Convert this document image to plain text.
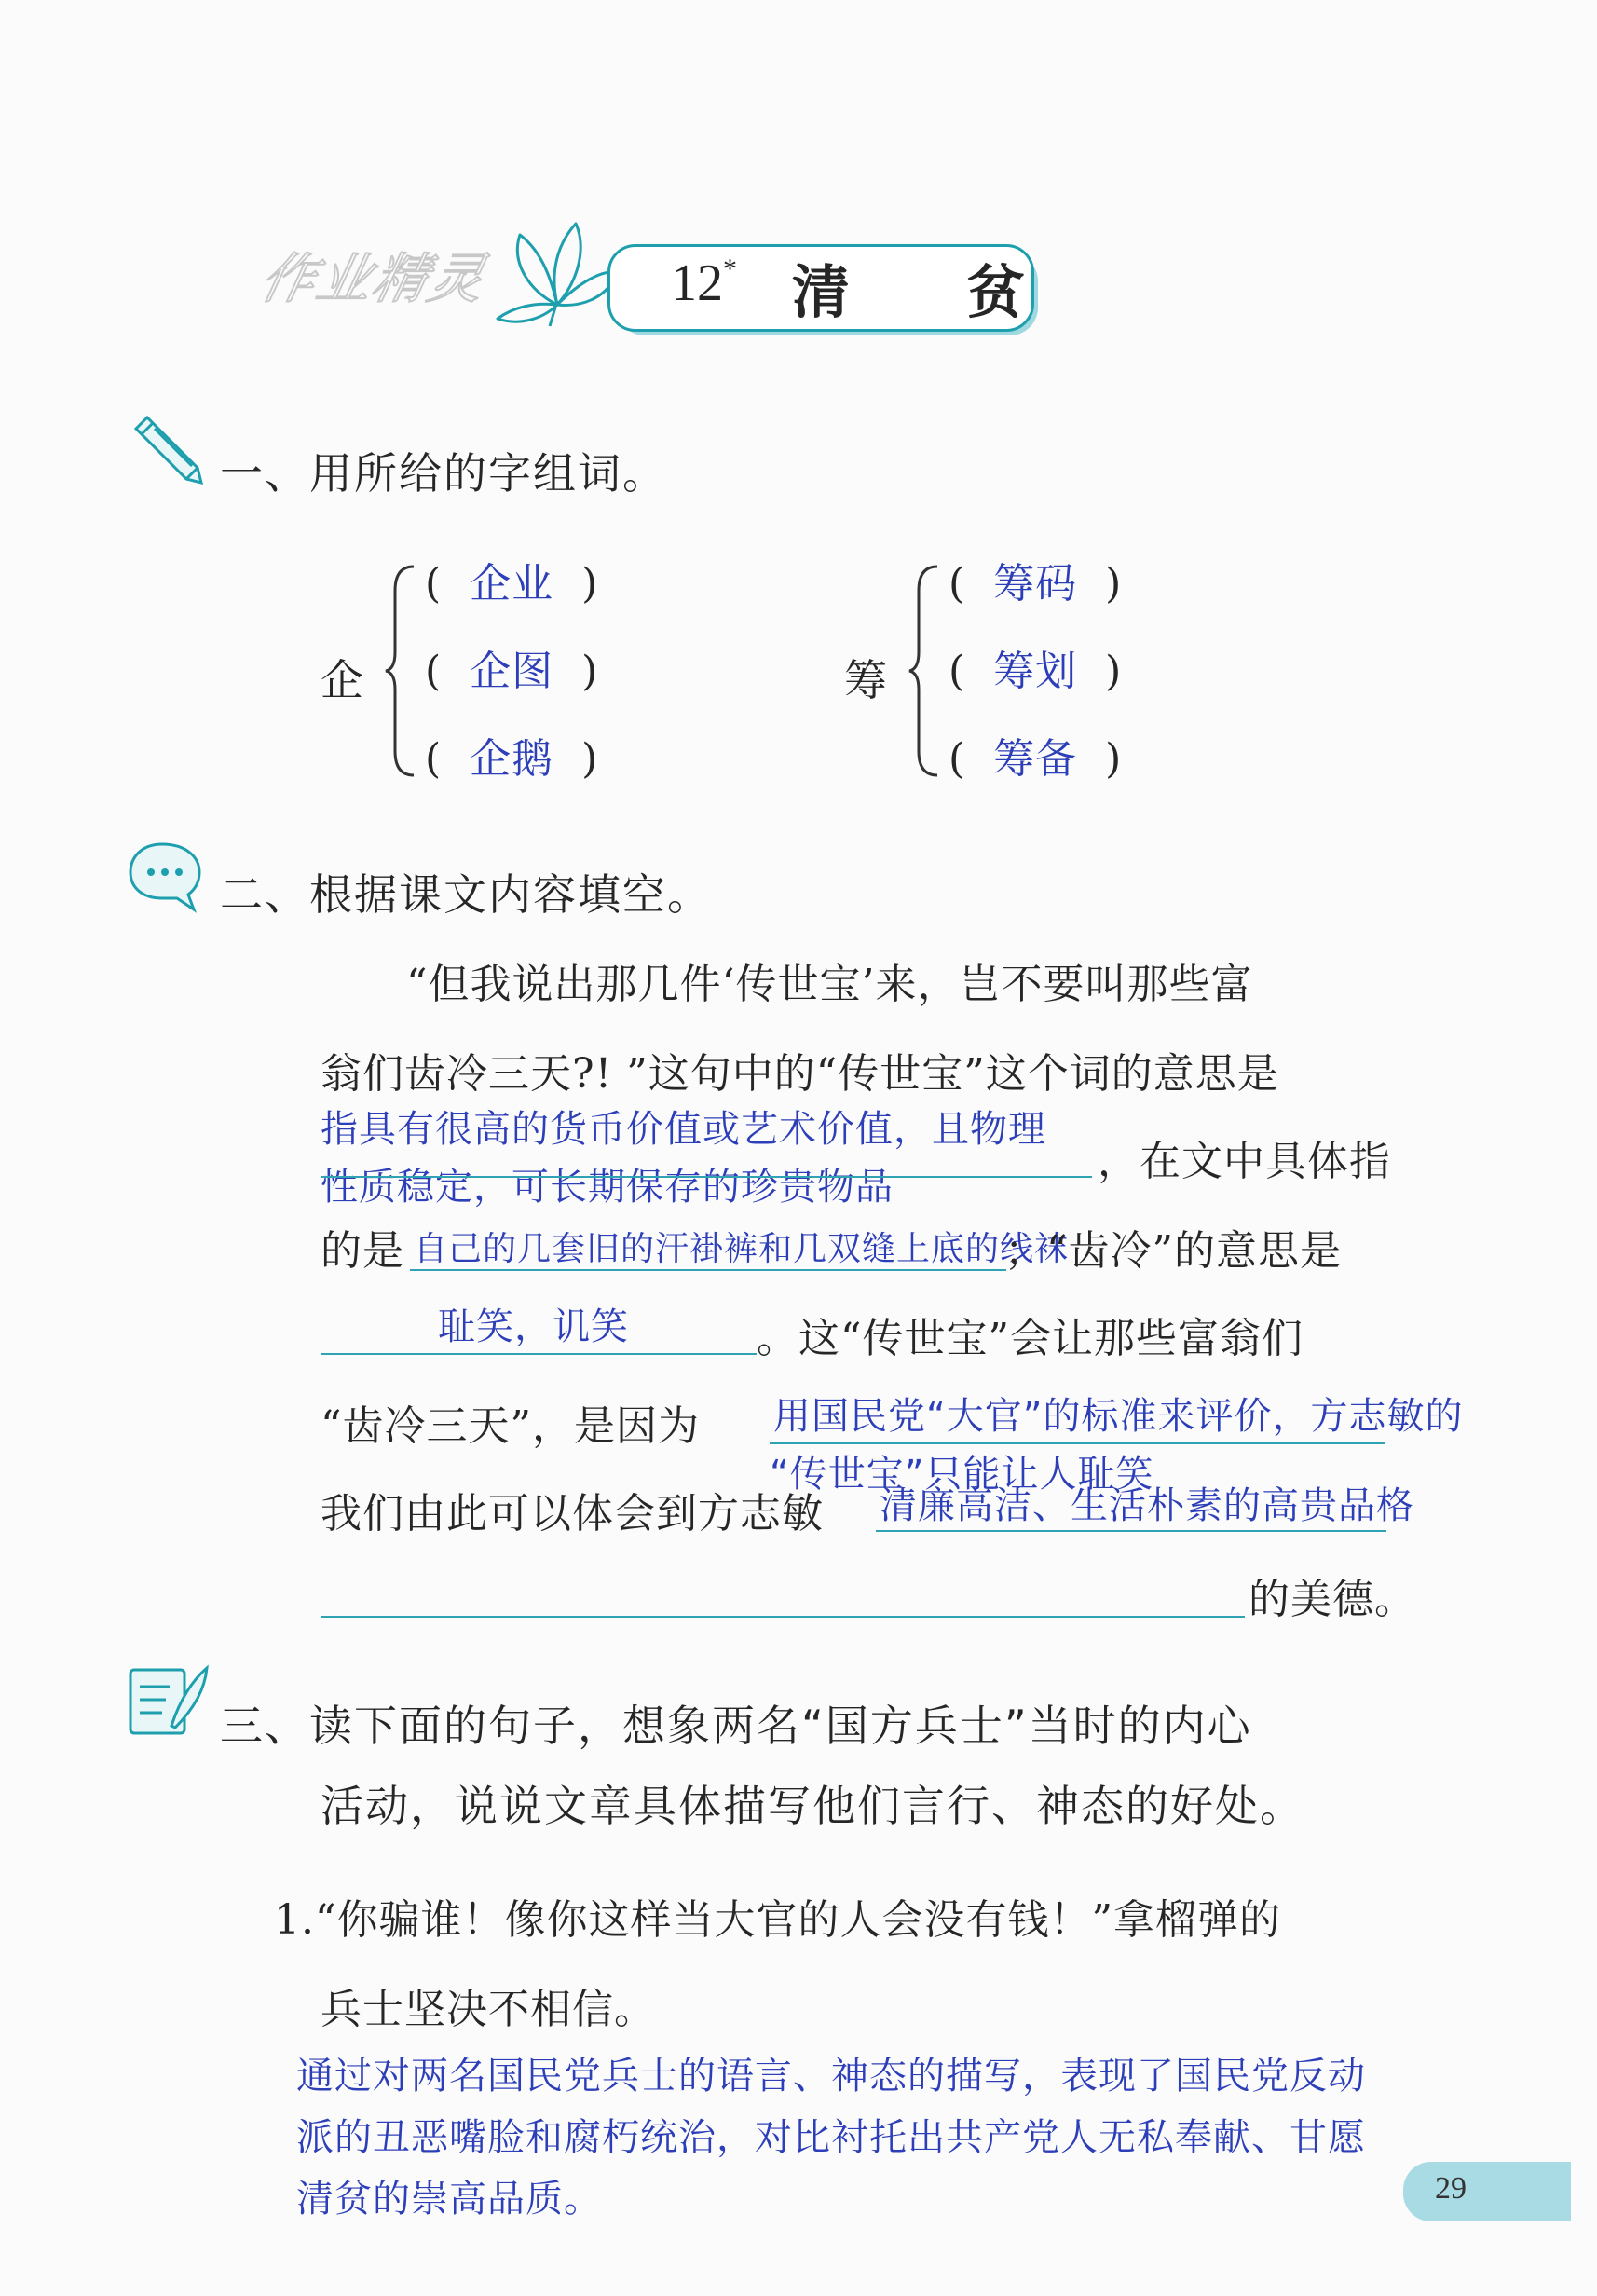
作业精灵	12* 清 贫
一、用所给的字组词。
企
( 企业 )
( 企图 )
( 企鹅 )
筹
( 筹码 )
( 筹划 )
( 筹备 )
二、根据课文内容填空。
“但我说出那几件‘传世宝’来，岂不要叫那些富
翁们齿冷三天?! ”这句中的“传世宝”这个词的意思是
指具有很高的货币价值或艺术价值，且物理
性质稳定，可长期保存的珍贵物品
，在文中具体指
的是 自己的几套旧的汗褂裤和几双缝上底的线袜
；“齿冷”的意思是
耻笑，讥笑	。这“传世宝”会让那些富翁们
“齿冷三天”，是因为 用国民党“大官”的标准来评价，方志敏的
“传世宝”只能让人耻笑
我们由此可以体会到方志敏 清廉高洁、生活朴素的高贵品格
的美德。
三、读下面的句子，想象两名“国方兵士”当时的内心
活动，说说文章具体描写他们言行、神态的好处。
1.“你骗谁！像你这样当大官的人会没有钱！”拿榴弹的
兵士坚决不相信。
通过对两名国民党兵士的语言、神态的描写，表现了国民党反动
派的丑恶嘴脸和腐朽统治，对比衬托出共产党人无私奉献、甘愿
清贫的崇高品质。	29
